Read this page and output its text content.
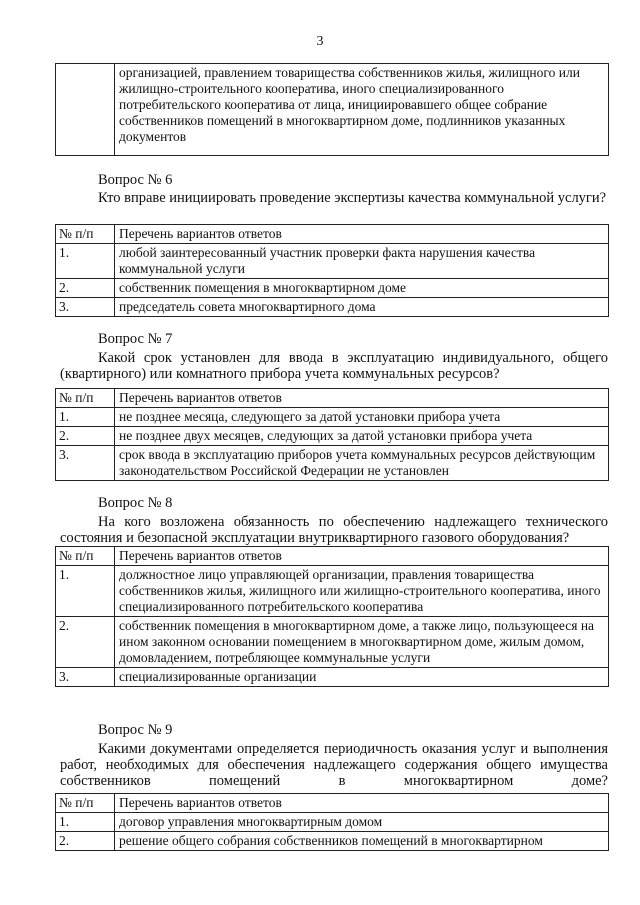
3
	организацией, правлением товарищества собственников жилья, жилищного или жилищно-строительного кооператива, иного специализированного потребительского кооператива от лица, инициировавшего общее собрание собственников помещений в многоквартирном доме, подлинников указанных документов
Вопрос № 6
Кто вправе инициировать проведение экспертизы качества коммунальной услуги?
№ п/п	Перечень вариантов ответов
1.	любой заинтересованный участник проверки факта нарушения качества коммунальной услуги
2.	собственник помещения в многоквартирном доме
3.	председатель совета многоквартирного дома
Вопрос № 7
Какой срок установлен для ввода в эксплуатацию индивидуального, общего (квартирного) или комнатного прибора учета коммунальных ресурсов?
№ п/п	Перечень вариантов ответов
1.	не позднее месяца, следующего за датой установки прибора учета
2.	не позднее двух месяцев, следующих за датой установки прибора учета
3.	срок ввода в эксплуатацию приборов учета коммунальных ресурсов действующим законодательством Российской Федерации не установлен
Вопрос № 8
На кого возложена обязанность по обеспечению надлежащего технического состояния и безопасной эксплуатации внутриквартирного газового оборудования?
№ п/п	Перечень вариантов ответов
1.	должностное лицо управляющей организации, правления товарищества собственников жилья, жилищного или жилищно-строительного кооператива, иного специализированного потребительского кооператива
2.	собственник помещения в многоквартирном доме, а также лицо, пользующееся на ином законном основании помещением в многоквартирном доме, жилым домом, домовладением, потребляющее коммунальные услуги
3.	специализированные организации
Вопрос № 9
Какими документами определяется периодичность оказания услуг и выполнения работ, необходимых для обеспечения надлежащего содержания общего имущества собственников помещений в многоквартирном доме?
№ п/п	Перечень вариантов ответов
1.	договор управления многоквартирным домом
2.	решение общего собрания собственников помещений в многоквартирном
